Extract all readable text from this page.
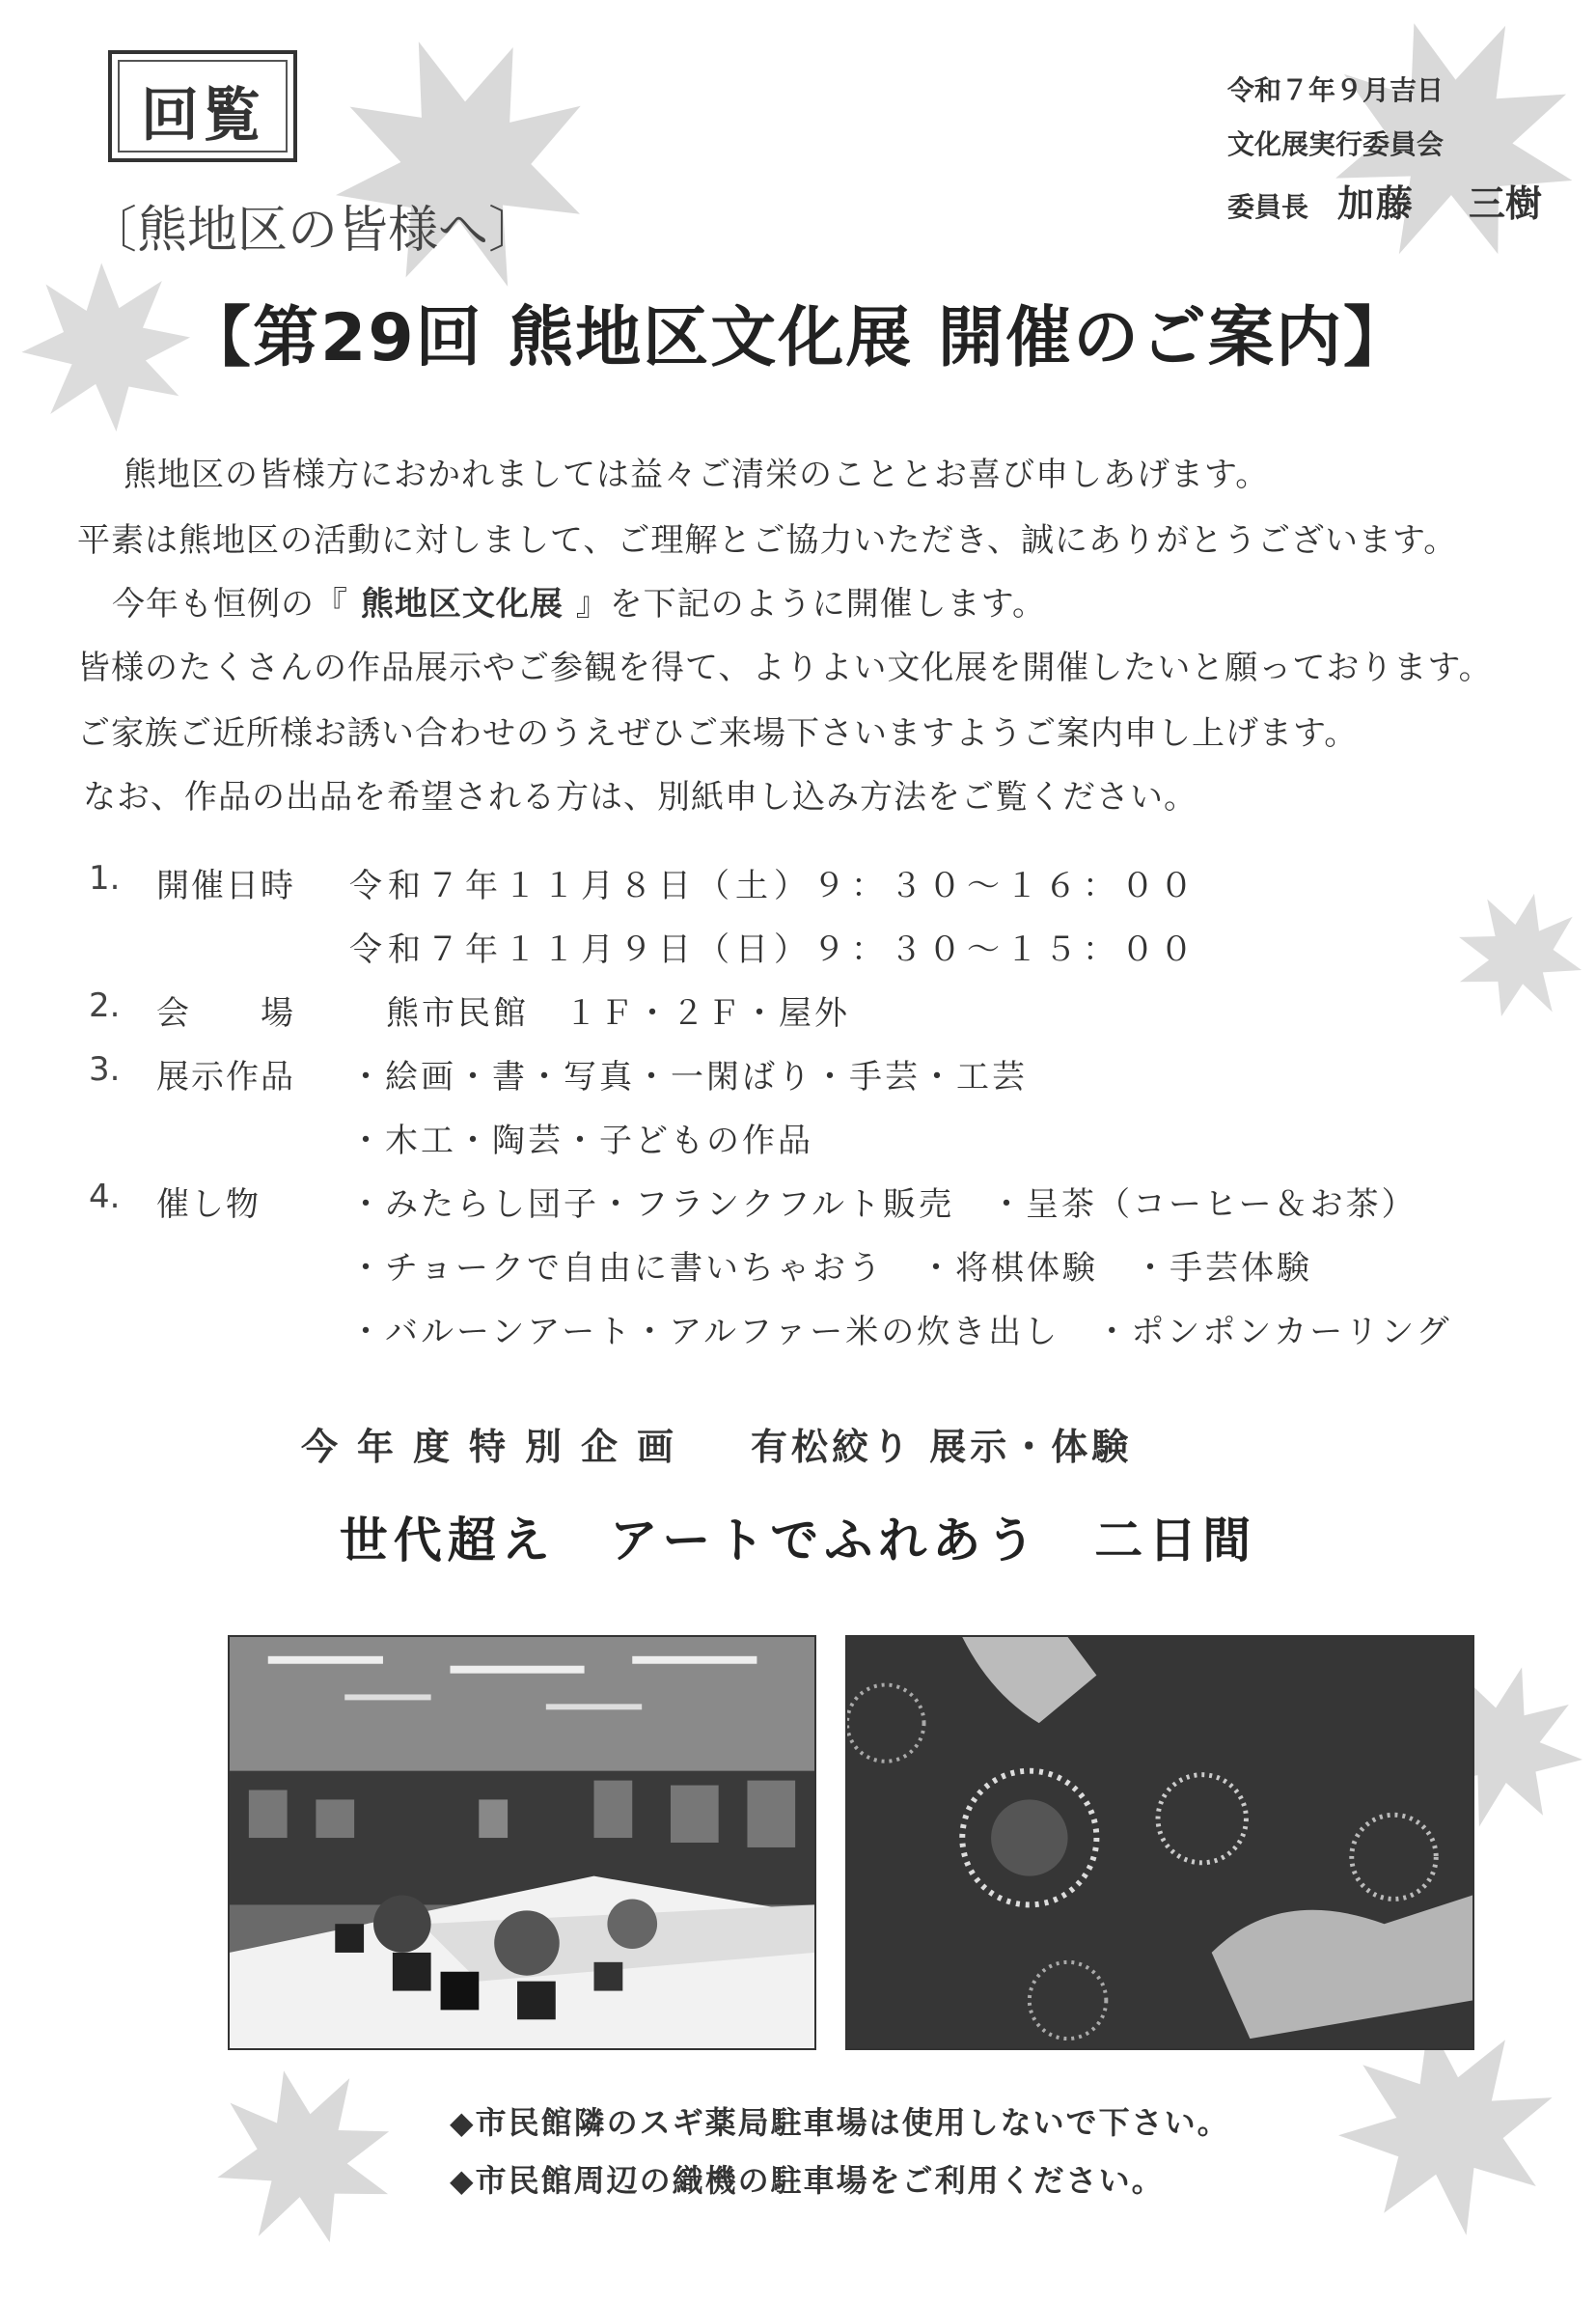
回覧
〔熊地区の皆様へ〕
令和７年９月吉日
文化展実行委員会
委員長 加藤 三樹
【第29回 熊地区文化展 開催のご案内】
熊地区の皆様方におかれましては益々ご清栄のこととお喜び申しあげます。
平素は熊地区の活動に対しまして、ご理解とご協力いただき、誠にありがとうございます。
今年も恒例の『 熊地区文化展 』を下記のように開催します。
皆様のたくさんの作品展示やご参観を得て、よりよい文化展を開催したいと願っております。
ご家族ご近所様お誘い合わせのうえぜひご来場下さいますようご案内申し上げます。
なお、作品の出品を希望される方は、別紙申し込み方法をご覧ください。
1. 開催日時 令和７年１１月８日（土）９：３０～１６：００
令和７年１１月９日（日）９：３０～１５：００
2. 会　　場	熊市民館　１Ｆ・２Ｆ・屋外
3. 展示作品 ・絵画・書・写真・一閑ばり・手芸・工芸
・木工・陶芸・子どもの作品
4. 催し物	・みたらし団子・フランクフルト販売　・呈茶（コーヒー＆お茶）
・チョークで自由に書いちゃおう　・将棋体験　・手芸体験
・バルーンアート・アルファー米の炊き出し　・ポンポンカーリング
今年度特別企画 有松絞り 展示・体験
世代超え　アートでふれあう　二日間
◆市民館隣のスギ薬局駐車場は使用しないで下さい。
◆市民館周辺の織機の駐車場をご利用ください。
